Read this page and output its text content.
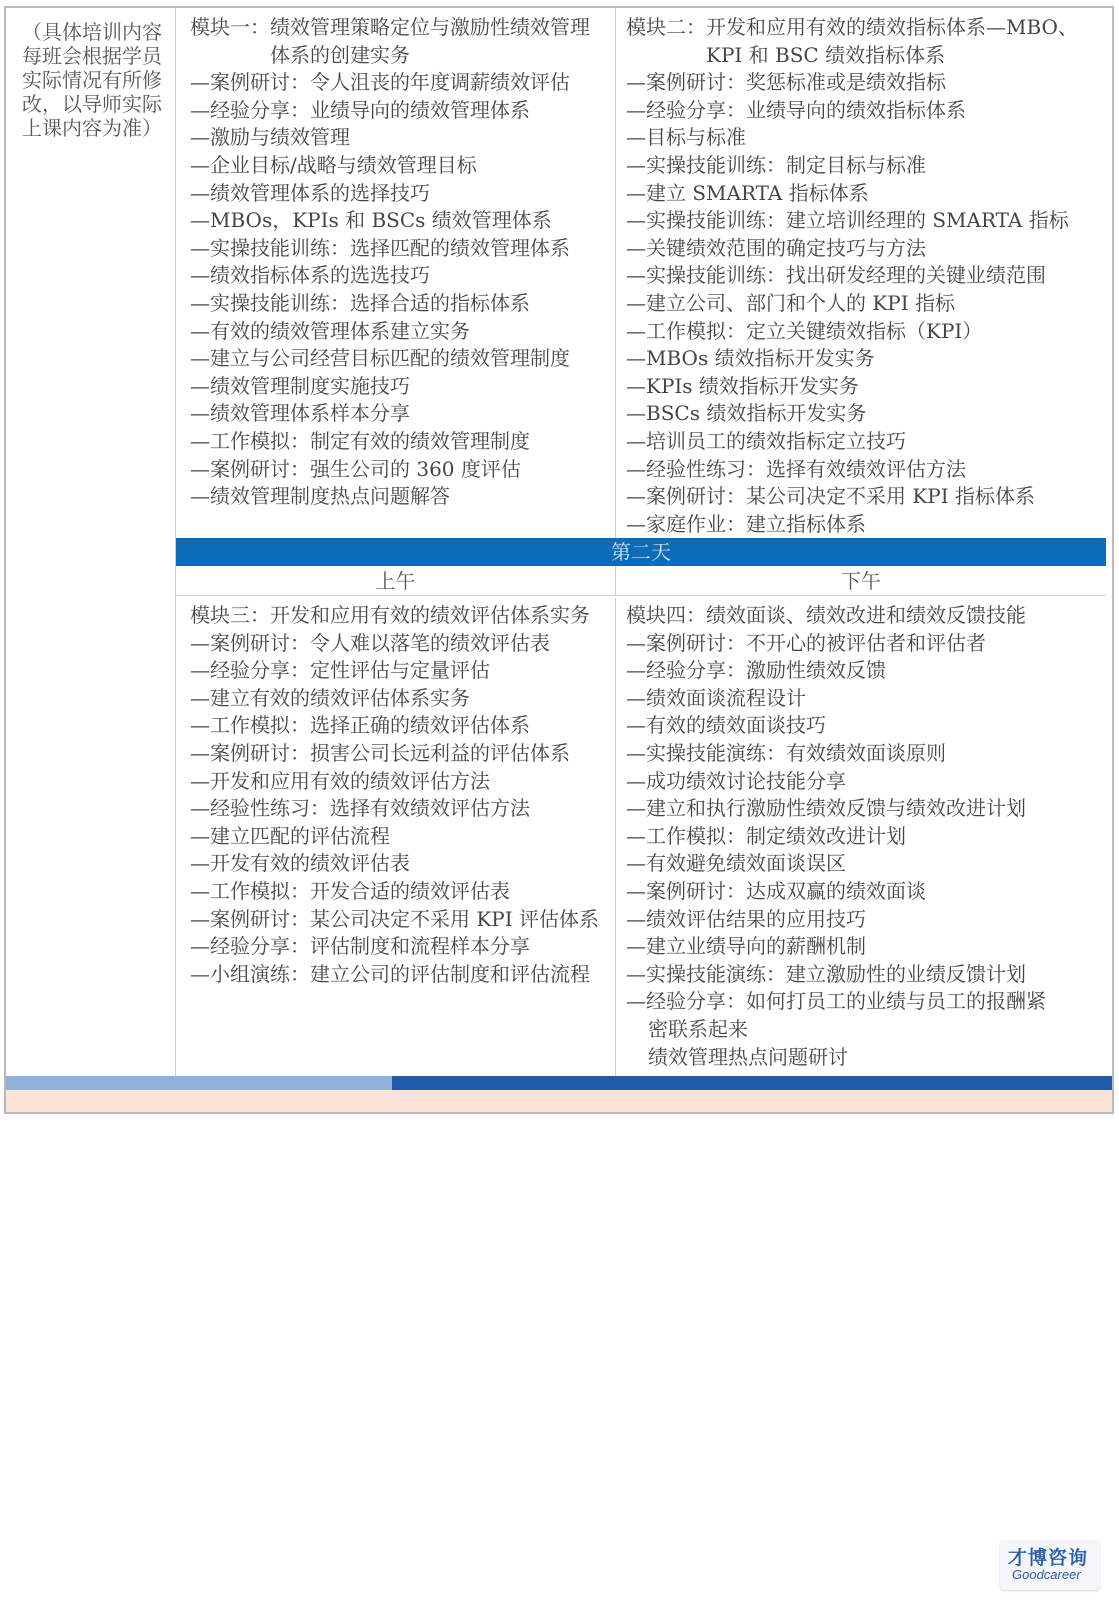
（具体培训内容每班会根据学员实际情况有所修改，以导师实际上课内容为准）
模块一： 绩效管理策略定位与激励性绩效管理体系的创建实务
—案例研讨：令人沮丧的年度调薪绩效评估
—经验分享：业绩导向的绩效管理体系
—激励与绩效管理
—企业目标/战略与绩效管理目标
—绩效管理体系的选择技巧
—MBOs，KPIs 和 BSCs 绩效管理体系
—实操技能训练：选择匹配的绩效管理体系
—绩效指标体系的选选技巧
—实操技能训练：选择合适的指标体系
—有效的绩效管理体系建立实务
—建立与公司经营目标匹配的绩效管理制度
—绩效管理制度实施技巧
—绩效管理体系样本分享
—工作模拟：制定有效的绩效管理制度
—案例研讨：强生公司的 360 度评估
—绩效管理制度热点问题解答
模块二： 开发和应用有效的绩效指标体系—MBO、KPI 和 BSC 绩效指标体系
—案例研讨：奖惩标准或是绩效指标
—经验分享：业绩导向的绩效指标体系
—目标与标准
—实操技能训练：制定目标与标准
—建立 SMARTA 指标体系
—实操技能训练：建立培训经理的 SMARTA 指标
—关键绩效范围的确定技巧与方法
—实操技能训练：找出研发经理的关键业绩范围
—建立公司、部门和个人的 KPI 指标
—工作模拟：定立关键绩效指标（KPI）
—MBOs 绩效指标开发实务
—KPIs 绩效指标开发实务
—BSCs 绩效指标开发实务
—培训员工的绩效指标定立技巧
—经验性练习：选择有效绩效评估方法
—案例研讨：某公司决定不采用 KPI 指标体系
—家庭作业：建立指标体系
第二天
上午	下午
模块三： 开发和应用有效的绩效评估体系实务
—案例研讨：令人难以落笔的绩效评估表
—经验分享：定性评估与定量评估
—建立有效的绩效评估体系实务
—工作模拟：选择正确的绩效评估体系
—案例研讨：损害公司长远利益的评估体系
—开发和应用有效的绩效评估方法
—经验性练习：选择有效绩效评估方法
—建立匹配的评估流程
—开发有效的绩效评估表
—工作模拟：开发合适的绩效评估表
—案例研讨：某公司决定不采用 KPI 评估体系
—经验分享：评估制度和流程样本分享
—小组演练：建立公司的评估制度和评估流程
模块四：绩效面谈、绩效改进和绩效反馈技能
—案例研讨：不开心的被评估者和评估者
—经验分享：激励性绩效反馈
—绩效面谈流程设计
—有效的绩效面谈技巧
—实操技能演练：有效绩效面谈原则
—成功绩效讨论技能分享
—建立和执行激励性绩效反馈与绩效改进计划
—工作模拟：制定绩效改进计划
—有效避免绩效面谈误区
—案例研讨：达成双赢的绩效面谈
—绩效评估结果的应用技巧
—建立业绩导向的薪酬机制
—实操技能演练：建立激励性的业绩反馈计划
—经验分享：如何打员工的业绩与员工的报酬紧
密联系起来
绩效管理热点问题研讨
才博咨询
Goodcareer
